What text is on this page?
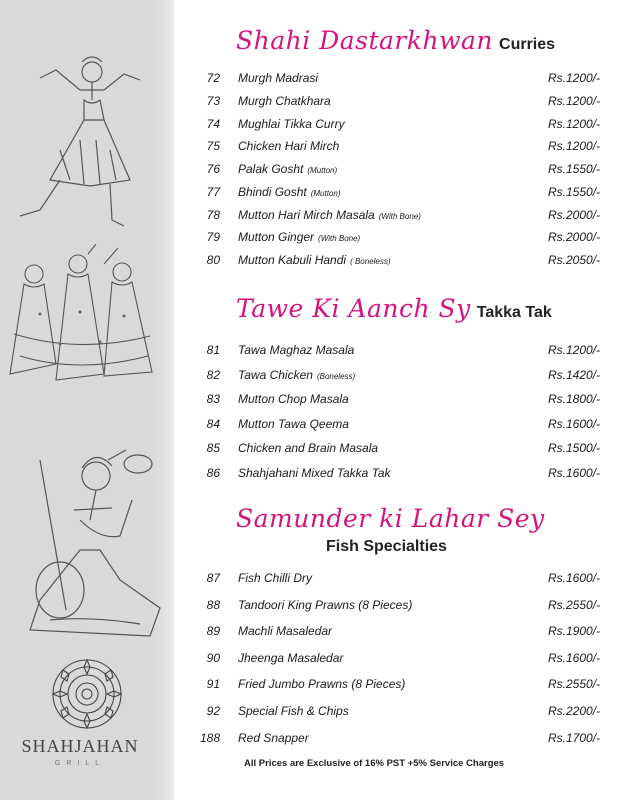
SHAHJAHAN
GRILL
Shahi Dastarkhwan Curries
72 Murgh Madrasi	Rs.1200/-
73 Murgh Chatkhara	Rs.1200/-
74 Mughlai Tikka Curry	Rs.1200/-
75 Chicken Hari Mirch	Rs.1200/-
76 Palak Gosht (Mutton)	Rs.1550/-
77 Bhindi Gosht (Mutton)	Rs.1550/-
78 Mutton Hari Mirch Masala (With Bone)	Rs.2000/-
79 Mutton Ginger (With Bone)	Rs.2000/-
80 Mutton Kabuli Handi ( Boneless)	Rs.2050/-
Tawe Ki Aanch Sy Takka Tak
81 Tawa Maghaz Masala	Rs.1200/-
82 Tawa Chicken (Boneless)	Rs.1420/-
83 Mutton Chop Masala	Rs.1800/-
84 Mutton Tawa Qeema	Rs.1600/-
85 Chicken and Brain Masala	Rs.1500/-
86 Shahjahani Mixed Takka Tak	Rs.1600/-
Samunder ki Lahar Sey
Fish Specialties
87 Fish Chilli Dry	Rs.1600/-
88 Tandoori King Prawns (8 Pieces)	Rs.2550/-
89 Machli Masaledar	Rs.1900/-
90 Jheenga Masaledar	Rs.1600/-
91 Fried Jumbo Prawns (8 Pieces)	Rs.2550/-
92 Special Fish & Chips	Rs.2200/-
188 Red Snapper	Rs.1700/-
All Prices are Exclusive of 16% PST +5% Service Charges
